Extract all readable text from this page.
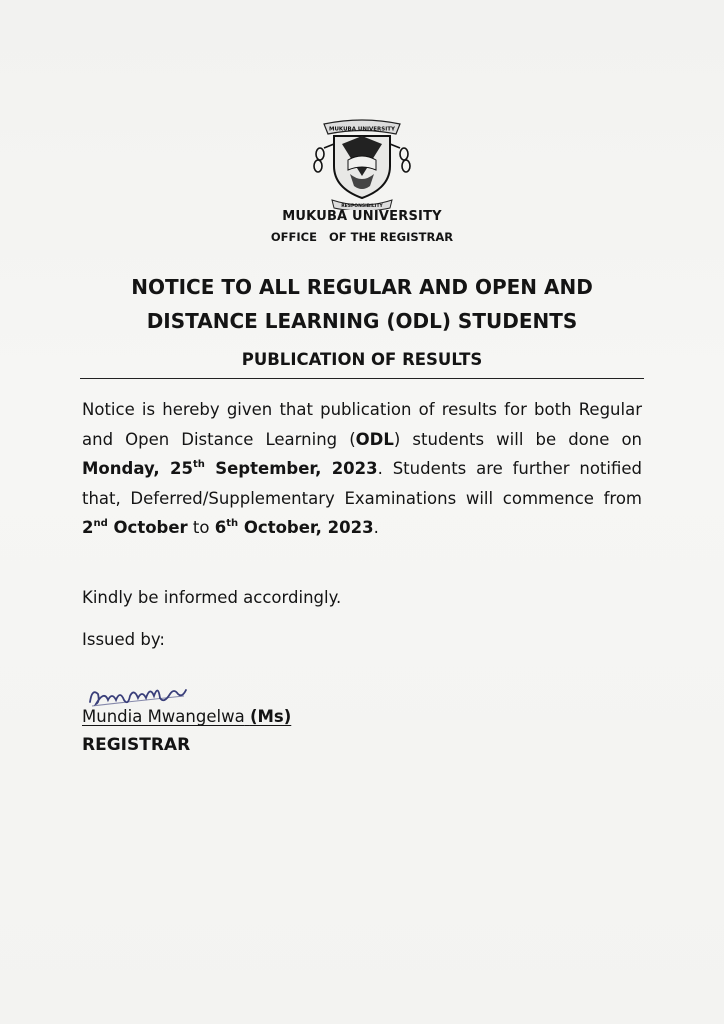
MUKUBA UNIVERSITY
RESPONSIBILITY
MUKUBA UNIVERSITY
OFFICE   OF THE REGISTRAR
NOTICE TO ALL REGULAR AND OPEN AND
DISTANCE LEARNING (ODL) STUDENTS
PUBLICATION OF RESULTS
Notice is hereby given that publication of results for both Regular and Open Distance Learning (ODL) students will be done on Monday, 25th September, 2023. Students are further notified that, Deferred/Supplementary Examinations will commence from 2nd October to 6th October, 2023.
Kindly be informed accordingly.
Issued by:
Mundia Mwangelwa (Ms)
REGISTRAR
